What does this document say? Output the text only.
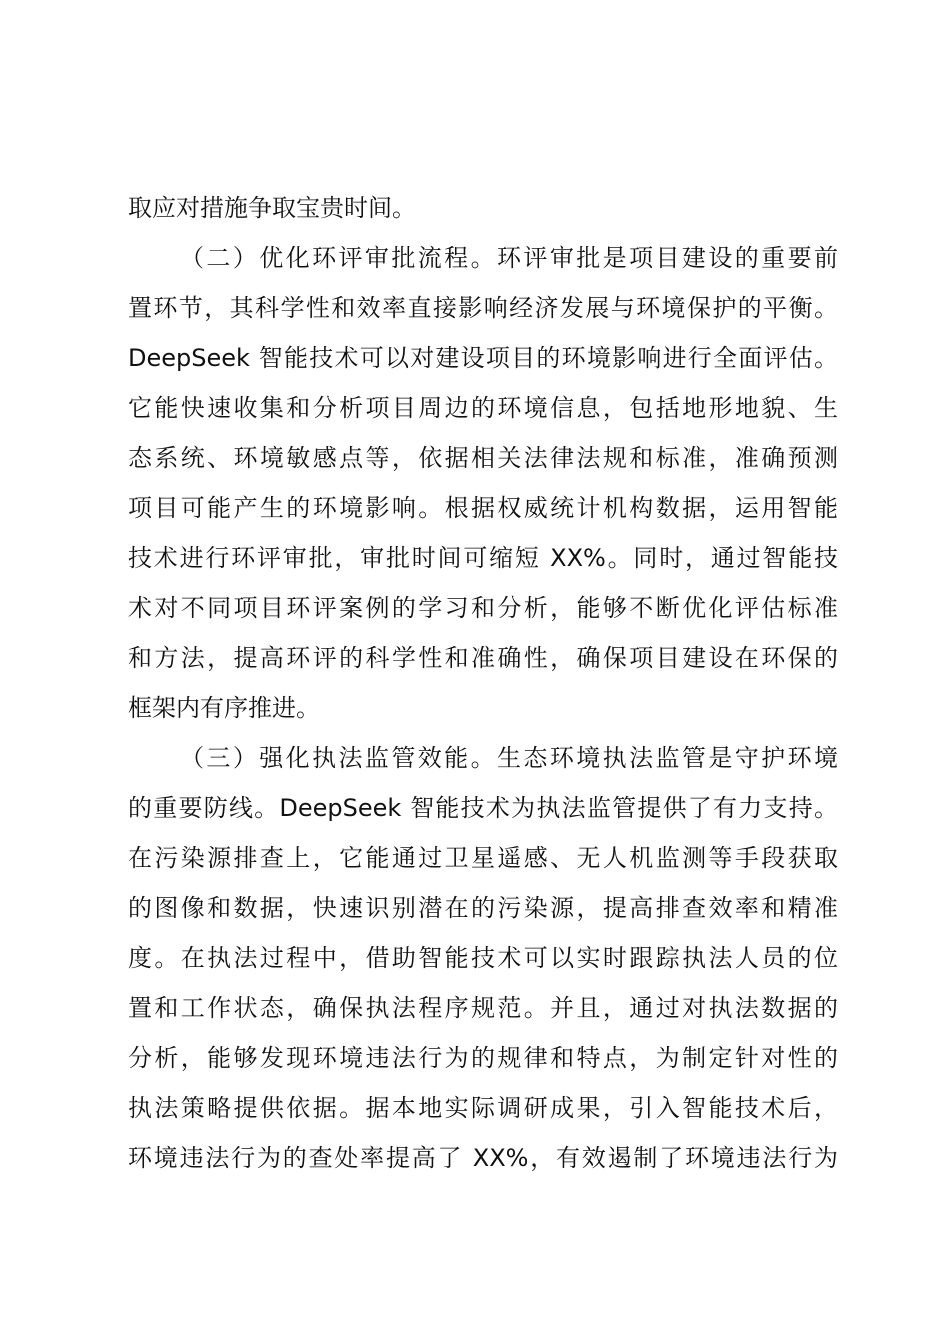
取应对措施争取宝贵时间。
（二）优化环评审批流程。环评审批是项目建设的重要前
置环节，其科学性和效率直接影响经济发展与环境保护的平衡。
DeepSeek 智能技术可以对建设项目的环境影响进行全面评估。
它能快速收集和分析项目周边的环境信息，包括地形地貌、生
态系统、环境敏感点等，依据相关法律法规和标准，准确预测
项目可能产生的环境影响。根据权威统计机构数据，运用智能
技术进行环评审批，审批时间可缩短 XX%。同时，通过智能技
术对不同项目环评案例的学习和分析，能够不断优化评估标准
和方法，提高环评的科学性和准确性，确保项目建设在环保的
框架内有序推进。
（三）强化执法监管效能。生态环境执法监管是守护环境
的重要防线。DeepSeek 智能技术为执法监管提供了有力支持。
在污染源排查上，它能通过卫星遥感、无人机监测等手段获取
的图像和数据，快速识别潜在的污染源，提高排查效率和精准
度。在执法过程中，借助智能技术可以实时跟踪执法人员的位
置和工作状态，确保执法程序规范。并且，通过对执法数据的
分析，能够发现环境违法行为的规律和特点，为制定针对性的
执法策略提供依据。据本地实际调研成果，引入智能技术后，
环境违法行为的查处率提高了 XX%，有效遏制了环境违法行为
